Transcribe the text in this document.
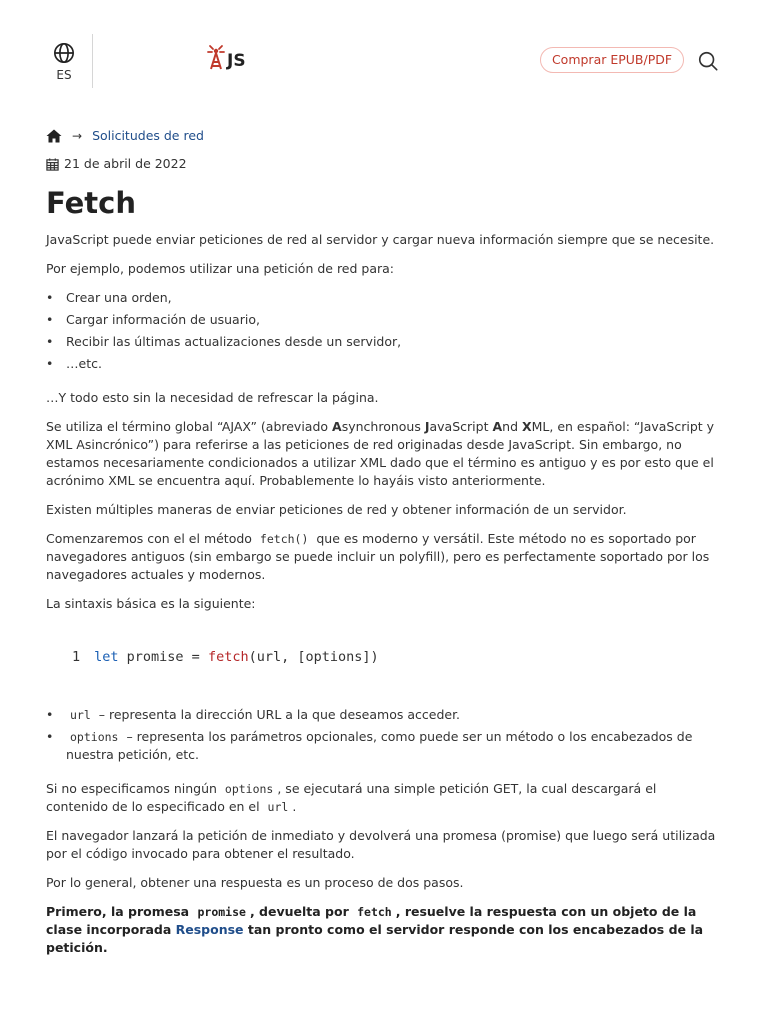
ES
JS	Comprar EPUB/PDF
→ Solicitudes de red
21 de abril de 2022
Fetch

JavaScript puede enviar peticiones de red al servidor y cargar nueva información siempre que se necesite.

Por ejemplo, podemos utilizar una petición de red para:

• Crear una orden,
• Cargar información de usuario,
• Recibir las últimas actualizaciones desde un servidor,
• …etc.

…Y todo esto sin la necesidad de refrescar la página.

Se utiliza el término global “AJAX” (abreviado Asynchronous JavaScript And XML, en español: “JavaScript y XML Asincrónico”) para referirse a las peticiones de red originadas desde JavaScript. Sin embargo, no estamos necesariamente condicionados a utilizar XML dado que el término es antiguo y es por esto que el acrónimo XML se encuentra aquí. Probablemente lo hayáis visto anteriormente.

Existen múltiples maneras de enviar peticiones de red y obtener información de un servidor.

Comenzaremos con el el método fetch() que es moderno y versátil. Este método no es soportado por navegadores antiguos (sin embargo se puede incluir un polyfill), pero es perfectamente soportado por los navegadores actuales y modernos.

La sintaxis básica es la siguiente:

1 let promise = fetch(url, [options])
• url – representa la dirección URL a la que deseamos acceder.
• options – representa los parámetros opcionales, como puede ser un método o los encabezados de nuestra petición, etc.

Si no especificamos ningún options , se ejecutará una simple petición GET, la cual descargará el contenido de lo especificado en el url .

El navegador lanzará la petición de inmediato y devolverá una promesa (promise) que luego será utilizada por el código invocado para obtener el resultado.

Por lo general, obtener una respuesta es un proceso de dos pasos.

Primero, la promesa promise , devuelta por fetch , resuelve la respuesta con un objeto de la clase incorporada Response tan pronto como el servidor responde con los encabezados de la petición.
